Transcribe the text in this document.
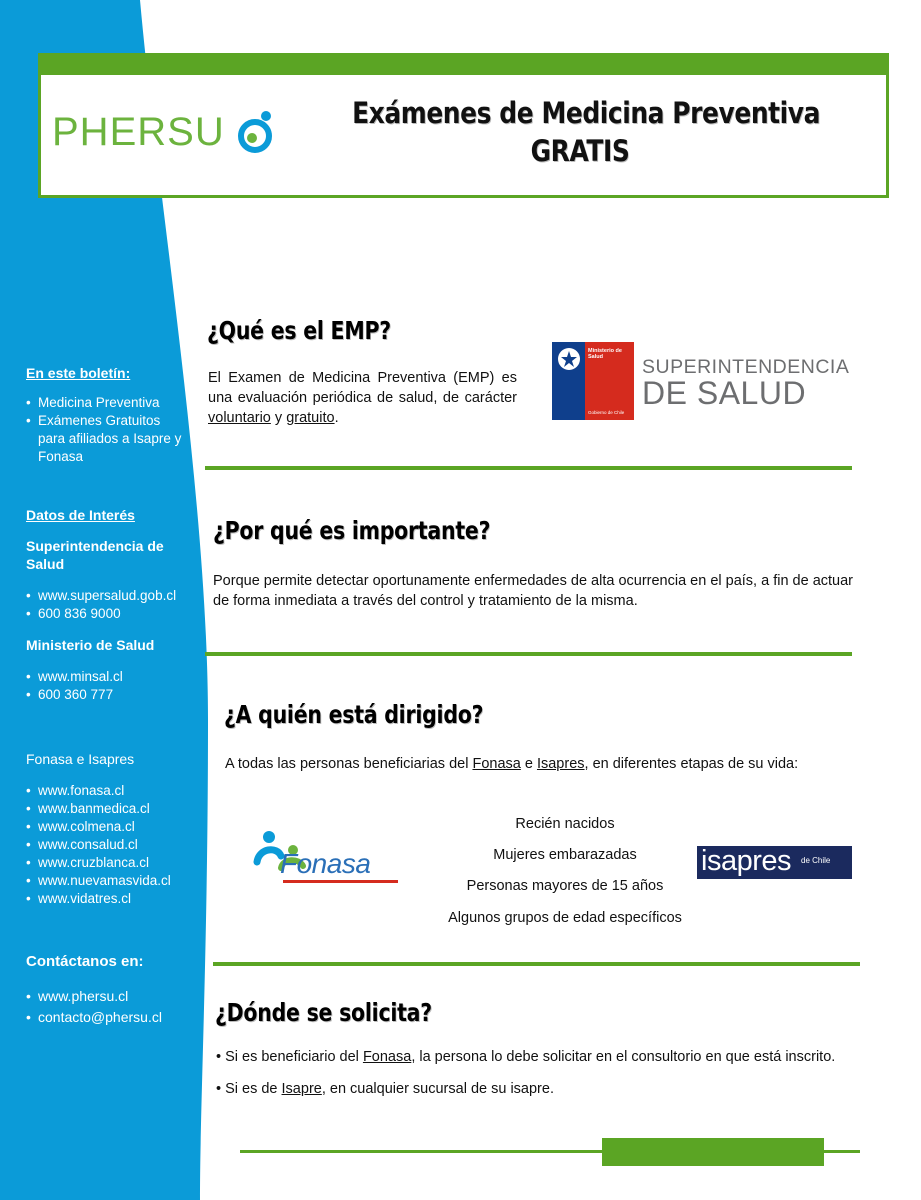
PHERSU	Exámenes de Medicina Preventiva
GRATIS
En este boletín:
• Medicina Preventiva
• Exámenes Gratuitos para afiliados a Isapre y Fonasa
Datos de Interés
Superintendencia de Salud
• www.supersalud.gob.cl
• 600 836 9000
Ministerio de Salud
• www.minsal.cl
• 600 360 777
Fonasa e Isapres
• www.fonasa.cl
• www.banmedica.cl
• www.colmena.cl
• www.consalud.cl
• www.cruzblanca.cl
• www.nuevamasvida.cl
• www.vidatres.cl
Contáctanos en:
• www.phersu.cl
• contacto@phersu.cl
¿Qué es el EMP?
El Examen de Medicina Preventiva (EMP) es una evaluación periódica de salud, de carácter voluntario y gratuito.
Ministerio de
Salud
Gobierno de Chile
SUPERINTENDENCIA
DE SALUD
¿Por qué es importante?
Porque permite detectar oportunamente enfermedades de alta ocurrencia en el país, a fin de actuar de forma inmediata a través del control y tratamiento de la misma.
¿A quién está dirigido?
A todas las personas beneficiarias del Fonasa e Isapres, en diferentes etapas de su vida:
Fonasa
Recién nacidos
Mujeres embarazadas
Personas mayores de 15 años
Algunos grupos de edad específicos
isapres de Chile
¿Dónde se solicita?
• Si es beneficiario del Fonasa, la persona lo debe solicitar en el consultorio en que está inscrito.
• Si es de Isapre, en cualquier sucursal de su isapre.
